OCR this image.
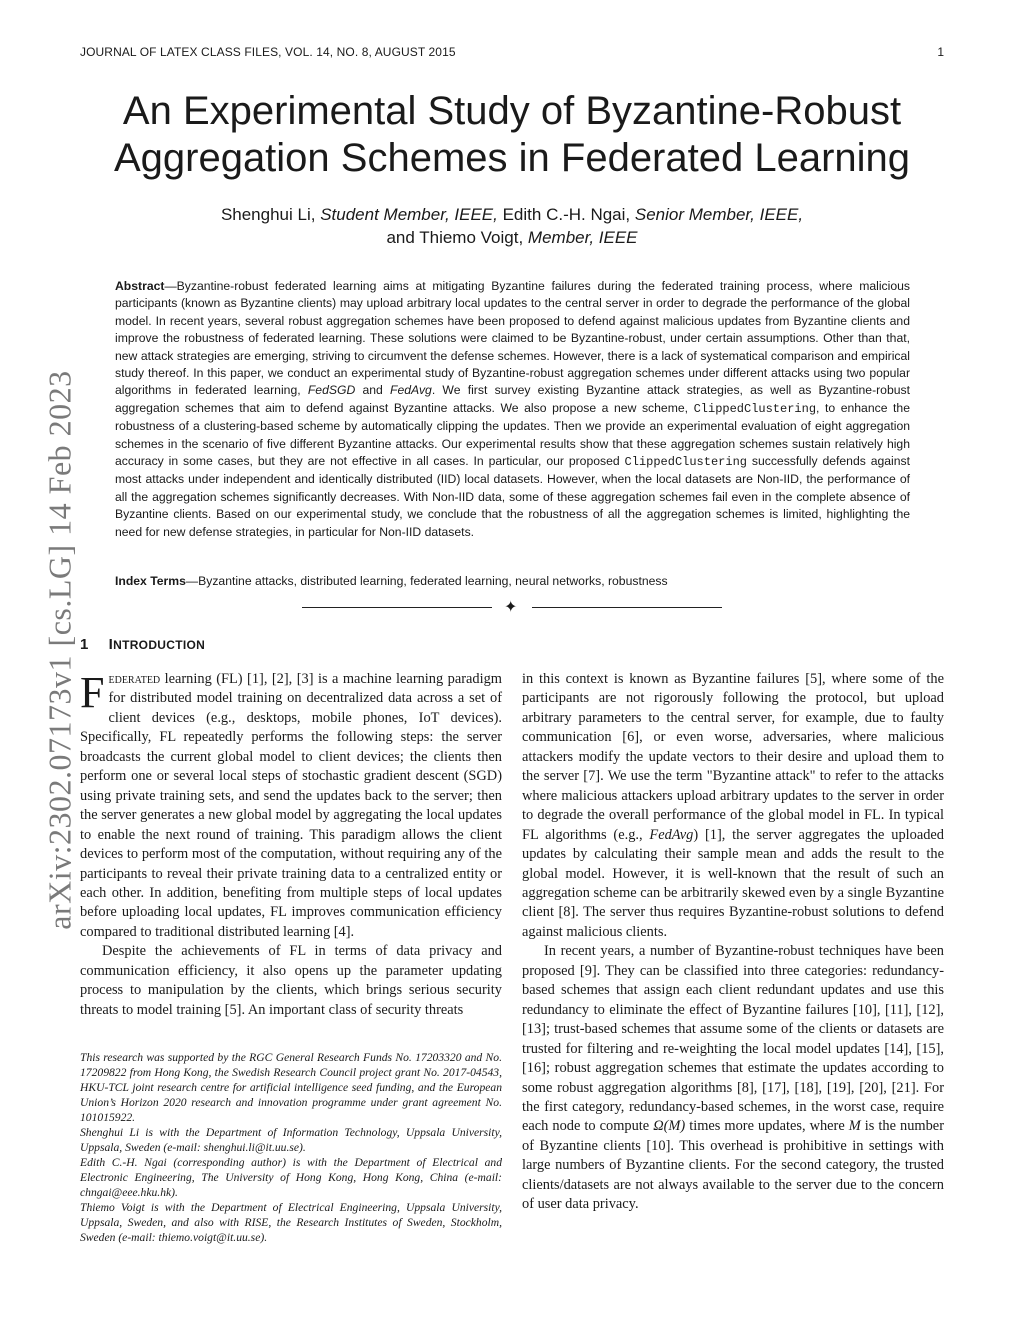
JOURNAL OF LATEX CLASS FILES, VOL. 14, NO. 8, AUGUST 2015	1
arXiv:2302.07173v1 [cs.LG] 14 Feb 2023
An Experimental Study of Byzantine-Robust
Aggregation Schemes in Federated Learning
Shenghui Li, Student Member, IEEE, Edith C.-H. Ngai, Senior Member, IEEE,
and Thiemo Voigt, Member, IEEE

Abstract—Byzantine-robust federated learning aims at mitigating Byzantine failures during the federated training process, where malicious participants (known as Byzantine clients) may upload arbitrary local updates to the central server in order to degrade the performance of the global model. In recent years, several robust aggregation schemes have been proposed to defend against malicious updates from Byzantine clients and improve the robustness of federated learning. These solutions were claimed to be Byzantine-robust, under certain assumptions. Other than that, new attack strategies are emerging, striving to circumvent the defense schemes. However, there is a lack of systematical comparison and empirical study thereof. In this paper, we conduct an experimental study of Byzantine-robust aggregation schemes under different attacks using two popular algorithms in federated learning, FedSGD and FedAvg. We first survey existing Byzantine attack strategies, as well as Byzantine-robust aggregation schemes that aim to defend against Byzantine attacks. We also propose a new scheme, ClippedClustering, to enhance the robustness of a clustering-based scheme by automatically clipping the updates. Then we provide an experimental evaluation of eight aggregation schemes in the scenario of five different Byzantine attacks. Our experimental results show that these aggregation schemes sustain relatively high accuracy in some cases, but they are not effective in all cases. In particular, our proposed ClippedClustering successfully defends against most attacks under independent and identically distributed (IID) local datasets. However, when the local datasets are Non-IID, the performance of all the aggregation schemes significantly decreases. With Non-IID data, some of these aggregation schemes fail even in the complete absence of Byzantine clients. Based on our experimental study, we conclude that the robustness of all the aggregation schemes is limited, highlighting the need for new defense strategies, in particular for Non-IID datasets.

Index Terms—Byzantine attacks, distributed learning, federated learning, neural networks, robustness
✦
1 INTRODUCTION

Federated learning (FL) [1], [2], [3] is a machine learning paradigm for distributed model training on decentralized data across a set of client devices (e.g., desktops, mobile phones, IoT devices). Specifically, FL repeatedly performs the following steps: the server broadcasts the current global model to client devices; the clients then perform one or several local steps of stochastic gradient descent (SGD) using private training sets, and send the updates back to the server; then the server generates a new global model by aggregating the local updates to enable the next round of training. This paradigm allows the client devices to perform most of the computation, without requiring any of the participants to reveal their private training data to a centralized entity or each other. In addition, benefiting from multiple steps of local updates before uploading local updates, FL improves communication efficiency compared to traditional distributed learning [4].

Despite the achievements of FL in terms of data privacy and communication efficiency, it also opens up the parameter updating process to manipulation by the clients, which brings serious security threats to model training [5]. An important class of security threats

This research was supported by the RGC General Research Funds No. 17203320 and No. 17209822 from Hong Kong, the Swedish Research Council project grant No. 2017-04543, HKU-TCL joint research centre for artificial intelligence seed funding, and the European Union’s Horizon 2020 research and innovation programme under grant agreement No. 101015922.

Shenghui Li is with the Department of Information Technology, Uppsala University, Uppsala, Sweden (e-mail: shenghui.li@it.uu.se).

Edith C.-H. Ngai (corresponding author) is with the Department of Electrical and Electronic Engineering, The University of Hong Kong, Hong Kong, China (e-mail: chngai@eee.hku.hk).

Thiemo Voigt is with the Department of Electrical Engineering, Uppsala University, Uppsala, Sweden, and also with RISE, the Research Institutes of Sweden, Stockholm, Sweden (e-mail: thiemo.voigt@it.uu.se).

in this context is known as Byzantine failures [5], where some of the participants are not rigorously following the protocol, but upload arbitrary parameters to the central server, for example, due to faulty communication [6], or even worse, adversaries, where malicious attackers modify the update vectors to their desire and upload them to the server [7]. We use the term "Byzantine attack" to refer to the attacks where malicious attackers upload arbitrary updates to the server in order to degrade the overall performance of the global model in FL. In typical FL algorithms (e.g., FedAvg) [1], the server aggregates the uploaded updates by calculating their sample mean and adds the result to the global model. However, it is well-known that the result of such an aggregation scheme can be arbitrarily skewed even by a single Byzantine client [8]. The server thus requires Byzantine-robust solutions to defend against malicious clients.

In recent years, a number of Byzantine-robust techniques have been proposed [9]. They can be classified into three categories: redundancy-based schemes that assign each client redundant updates and use this redundancy to eliminate the effect of Byzantine failures [10], [11], [12], [13]; trust-based schemes that assume some of the clients or datasets are trusted for filtering and re-weighting the local model updates [14], [15], [16]; robust aggregation schemes that estimate the updates according to some robust aggregation algorithms [8], [17], [18], [19], [20], [21]. For the first category, redundancy-based schemes, in the worst case, require each node to compute Ω(M) times more updates, where M is the number of Byzantine clients [10]. This overhead is prohibitive in settings with large numbers of Byzantine clients. For the second category, the trusted clients/datasets are not always available to the server due to the concern of user data privacy.
